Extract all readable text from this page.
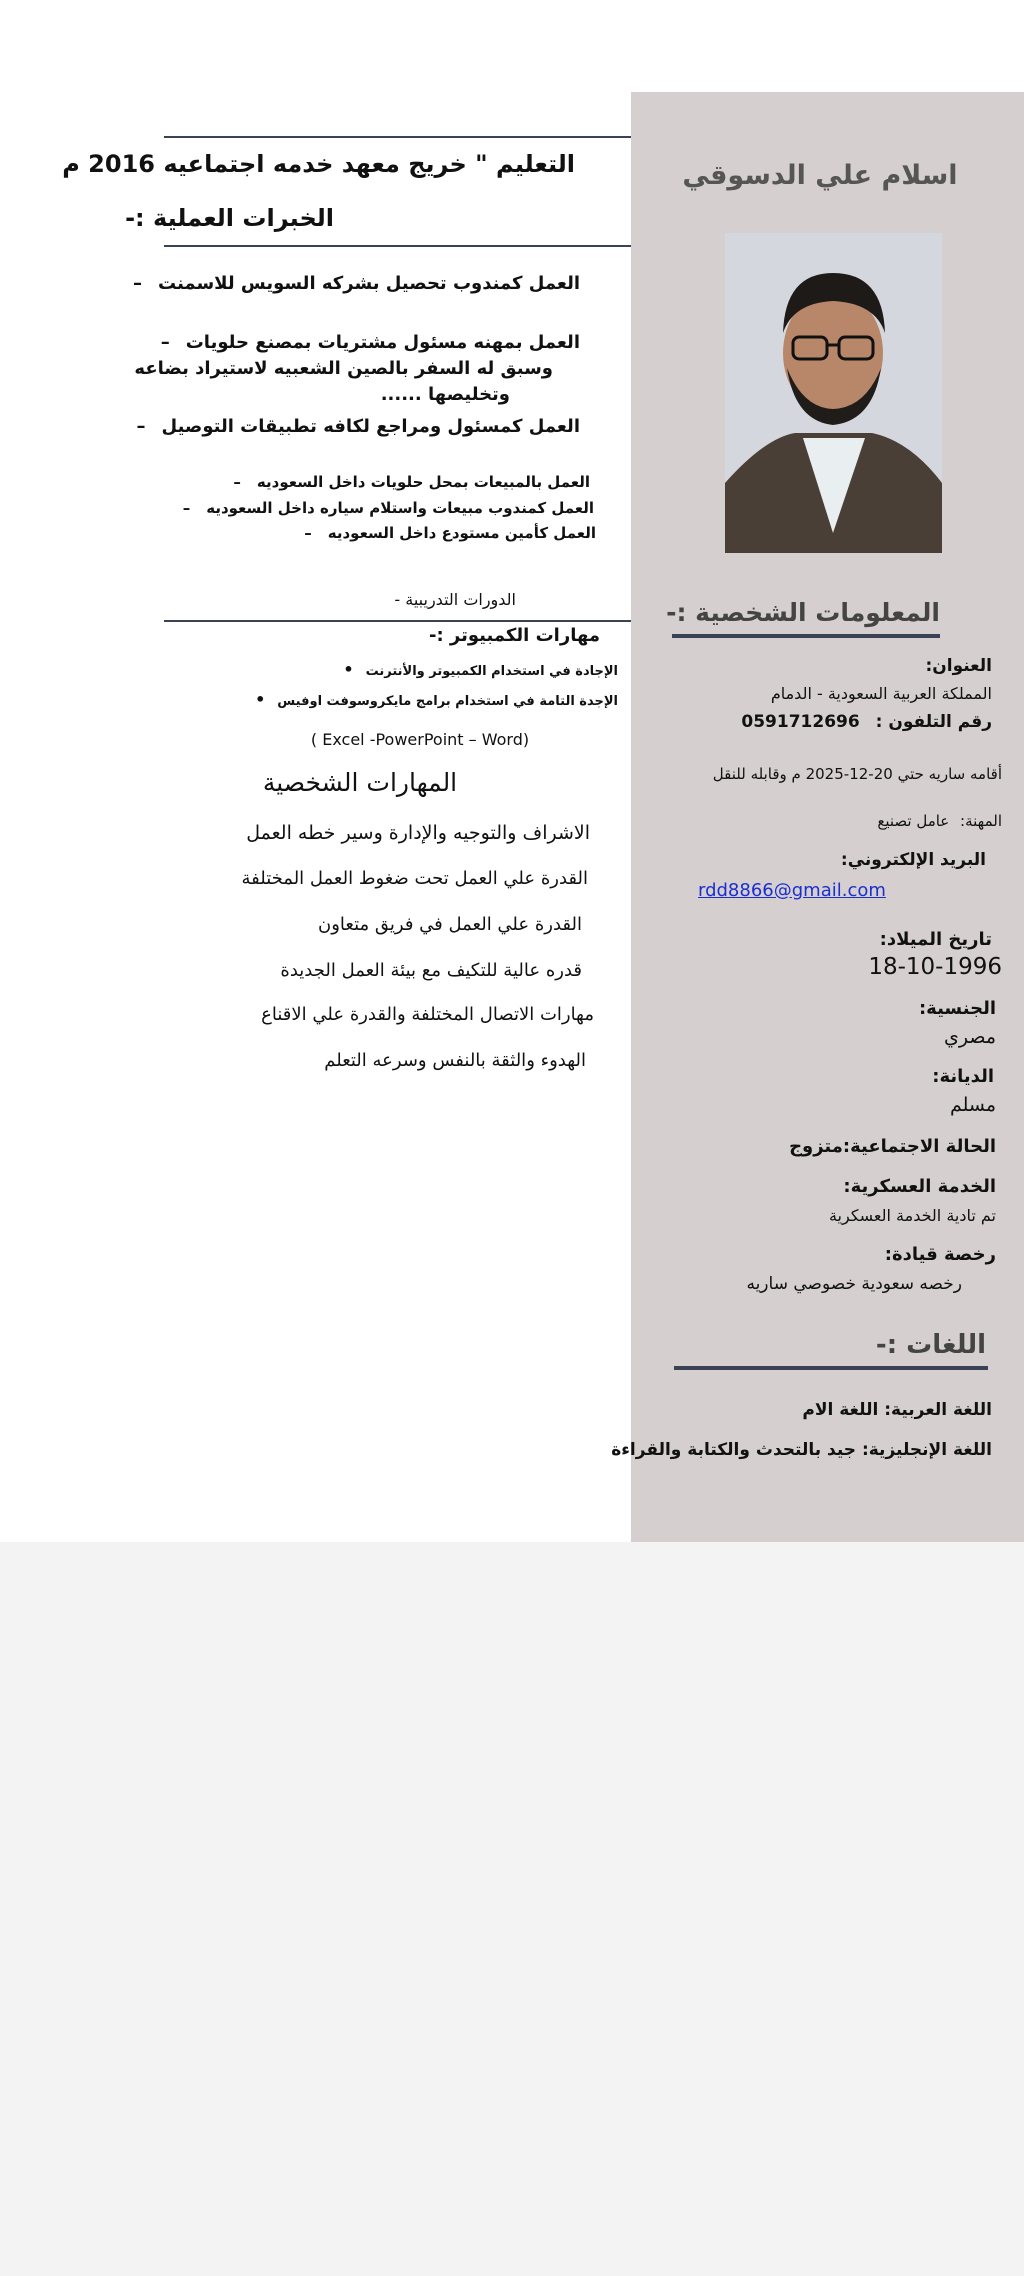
اسلام علي الدسوقي
المعلومات الشخصية :-
العنوان:
المملكة العربية السعودية - الدمام
رقم التلفون : 0591712696
أقامه ساريه حتي 20-12-2025 م وقابله للنقل
المهنة: عامل تصنيع
البريد الإلكتروني:
rdd8866@gmail.com
تاريخ الميلاد:
18-10-1996
الجنسية:
مصري
الديانة:
مسلم
الحالة الاجتماعية:متزوج
الخدمة العسكرية:
تم تادية الخدمة العسكرية
رخصة قيادة:
رخصه سعودية خصوصي ساريه
اللغات :-
اللغة العربية: اللغة الام
اللغة الإنجليزية: جيد بالتحدث والكتابة والقراءة
التعليم " خريج معهد خدمه اجتماعيه 2016 م
الخبرات العملية :-
العمل كمندوب تحصيل بشركه السويس للاسمنت –
العمل بمهنه مسئول مشتريات بمصنع حلويات –
وسبق له السفر بالصين الشعبيه لاستيراد بضاعه
وتخليصها ......
العمل كمسئول ومراجع لكافه تطبيقات التوصيل –
العمل بالمبيعات بمحل حلويات داخل السعوديه –
العمل كمندوب مبيعات واستلام سياره داخل السعوديه –
العمل كأمين مستودع داخل السعوديه –
الدورات التدريبية -
مهارات الكمبيوتر :-
الإجادة في استخدام الكمبيوتر والأنترنت •
الإجدة التامة في استخدام برامج مايكروسوفت اوفيس •
( Excel -PowerPoint – Word)
المهارات الشخصية
الاشراف والتوجيه والإدارة وسير خطه العمل
القدرة علي العمل تحت ضغوط العمل المختلفة
القدرة علي العمل في فريق متعاون
قدره عالية للتكيف مع بيئة العمل الجديدة
مهارات الاتصال المختلفة والقدرة علي الاقناع
الهدوء والثقة بالنفس وسرعه التعلم
